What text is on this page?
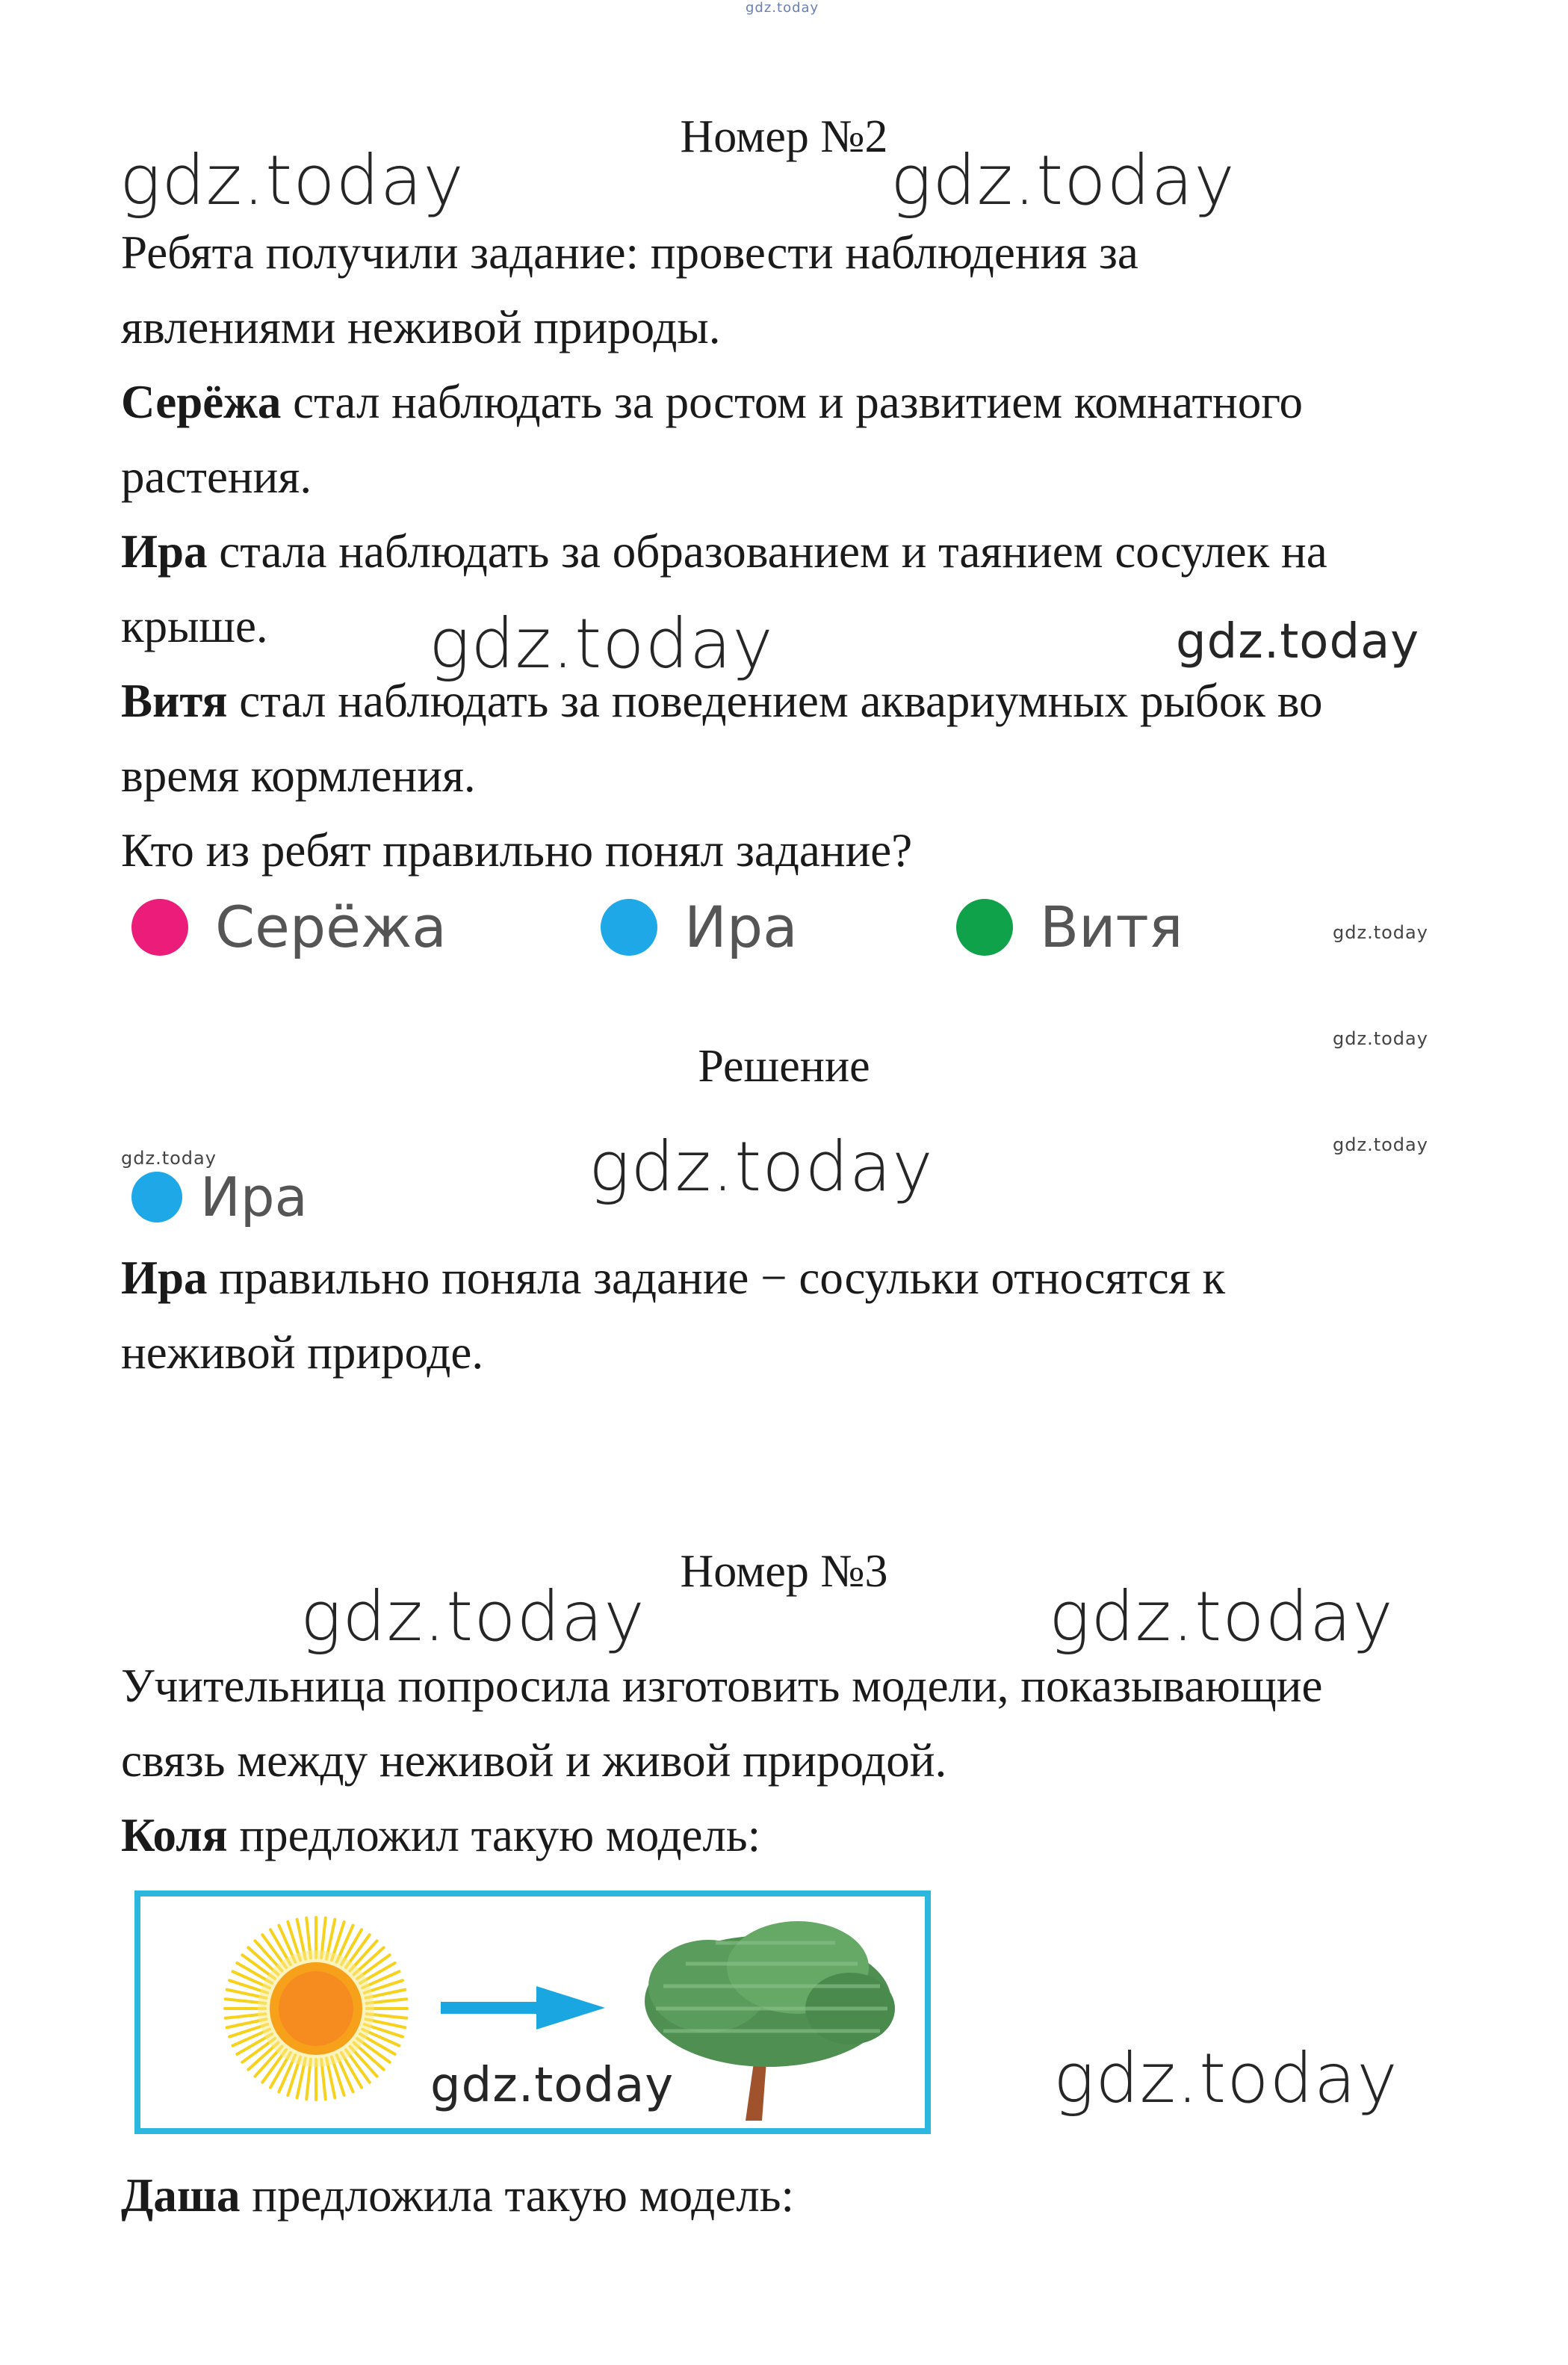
gdz.today
Номер №2
gdz.today	gdz.today
Ребята получили задание: провести наблюдения за
явлениями неживой природы.
Серёжа стал наблюдать за ростом и развитием комнатного
растения.
Ира стала наблюдать за образованием и таянием сосулек на
крыше.
Витя стал наблюдать за поведением аквариумных рыбок во
время кормления.
Кто из ребят правильно понял задание?
gdz.today	gdz.today
Серёжа	Ира	Витя	gdz.today
gdz.today
gdz.today
Решение
gdz.today
Ира	gdz.today
Ира правильно поняла задание − сосульки относятся к
неживой природе.
Номер №3
gdz.today	gdz.today
Учительница попросила изготовить модели, показывающие
связь между неживой и живой природой.
Коля предложил такую модель:
gdz.today	gdz.today
Даша предложила такую модель:
